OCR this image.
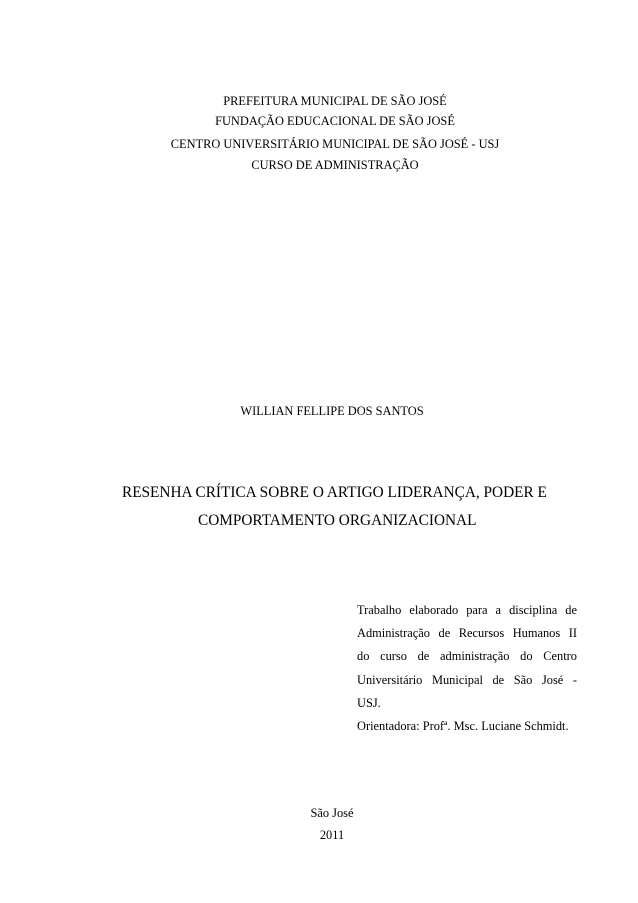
PREFEITURA MUNICIPAL DE SÃO JOSÉ
FUNDAÇÃO EDUCACIONAL DE SÃO JOSÉ
CENTRO UNIVERSITÁRIO MUNICIPAL DE SÃO JOSÉ - USJ
CURSO DE ADMINISTRAÇÃO
WILLIAN FELLIPE DOS SANTOS
RESENHA CRÍTICA SOBRE O ARTIGO LIDERANÇA, PODER E
COMPORTAMENTO ORGANIZACIONAL
Trabalho elaborado para a disciplina de
Administração de Recursos Humanos II
do curso de administração do Centro
Universitário Municipal de São José -
USJ.
Orientadora: Profª. Msc. Luciane Schmidt.
São José
2011
